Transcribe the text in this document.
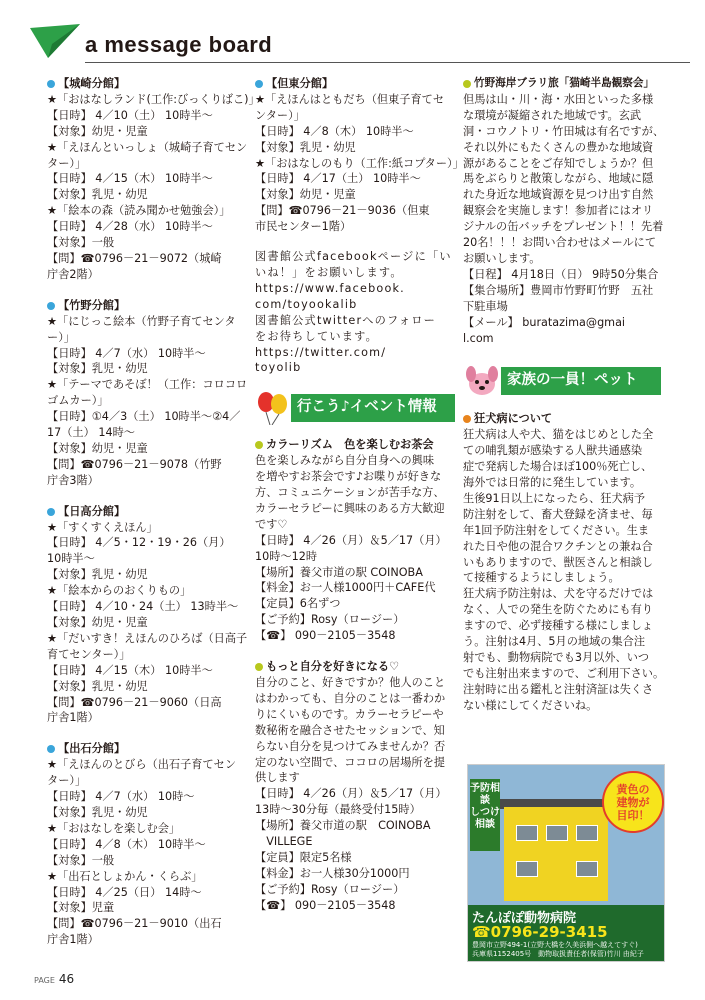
a message board
【城崎分館】
★「おはなしランド(工作:びっくりばこ)」
【日時】 4／10（土） 10時半～
【対象】幼児・児童
★「えほんといっしょ（城崎子育てセン
ター）」
【日時】 4／15（木） 10時半～
【対象】乳児・幼児
★「絵本の森（読み聞かせ勉強会）」
【日時】 4／28（水） 10時半～
【対象】一般
【問】☎0796－21－9072（城崎
庁舎2階）
【竹野分館】
★「にじっこ絵本（竹野子育てセンタ
ー）」
【日時】 4／7（水） 10時半～
【対象】乳児・幼児
★「テーマであそぼ！（工作：コロコロ
ゴムカー）」
【日時】①4／3（土） 10時半～②4／
17（土） 14時～
【対象】幼児・児童
【問】☎0796－21－9078（竹野
庁舎3階）
【日高分館】
★「すくすくえほん」
【日時】 4／5・12・19・26（月）
10時半～
【対象】乳児・幼児
★「絵本からのおくりもの」
【日時】 4／10・24（土） 13時半～
【対象】幼児・児童
★「だいすき！えほんのひろば（日高子
育てセンター）」
【日時】 4／15（木） 10時半～
【対象】乳児・幼児
【問】☎0796－21－9060（日高
庁舎1階）
【出石分館】
★「えほんのとびら（出石子育てセン
ター）」
【日時】 4／7（水） 10時～
【対象】乳児・幼児
★「おはなしを楽しむ会」
【日時】 4／8（木） 10時半～
【対象】一般
★「出石としょかん・くらぶ」
【日時】 4／25（日） 14時～
【対象】児童
【問】☎0796－21－9010（出石
庁舎1階）
【但東分館】
★「えほんはともだち（但東子育てセ
ンター）」
【日時】 4／8（木） 10時半～
【対象】乳児・幼児
★「おはなしのもり（工作:紙コプター）」
【日時】 4／17（土） 10時半～
【対象】幼児・児童
【問】☎0796－21－9036（但東
市民センター1階）
図書館公式facebookページに「い
いね！」をお願いします。
https://www.facebook.
com/toyookalib
図書館公式twitterへのフォロー
をお待ちしています。
https://twitter.com/
toyolib
行こう♪イベント情報
カラーリズム　色を楽しむお茶会
色を楽しみながら自分自身への興味
を増やすお茶会です♪お喋りが好きな
方、コミュニケーションが苦手な方、
カラーセラピーに興味のある方大歓迎
です♡
【日時】 4／26（月）＆5／17（月）
10時～12時
【場所】養父市道の駅 COINOBA
【料金】お一人様1000円＋CAFE代
【定員】6名ずつ
【ご予約】Rosy（ロージー）
【☎】 090－2105－3548
もっと自分を好きになる♡
自分のこと、好きですか？他人のこと
はわかっても、自分のことは一番わか
りにくいものです。カラーセラピーや
数秘術を融合させたセッションで、知
らない自分を見つけてみませんか？否
定のない空間で、ココロの居場所を提
供します
【日時】 4／26（月）＆5／17（月）
13時～30分毎（最終受付15時）
【場所】養父市道の駅　COINOBA
　VILLEGE
【定員】限定5名様
【料金】お一人様30分1000円
【ご予約】Rosy（ロージー）
【☎】 090－2105－3548
竹野海岸ブラリ旅「猫崎半島観察会」
但馬は山・川・海・水田といった多様
な環境が凝縮された地域です。玄武
洞・コウノトリ・竹田城は有名ですが、
それ以外にもたくさんの豊かな地域資
源があることをご存知でしょうか？但
馬をぶらりと散策しながら、地域に隠
れた身近な地域資源を見つけ出す自然
観察会を実施します！参加者にはオリ
ジナルの缶バッチをプレゼント！！先着
20名！！！お問い合わせはメールにて
お願いします。
【日程】 4月18日（日） 9時50分集合
【集合場所】豊岡市竹野町竹野　五社
下駐車場
【メール】 buratazima@gmai
l.com
家族の一員！ペット
狂犬病について
狂犬病は人や犬、猫をはじめとした全
ての哺乳類が感染する人獣共通感染
症で発病した場合ほぼ100％死亡し、
海外では日常的に発生しています。
生後91日以上になったら、狂犬病予
防注射をして、畜犬登録を済ませ、毎
年1回予防注射をしてください。生ま
れた日や他の混合ワクチンとの兼ね合
いもありますので、獣医さんと相談し
て接種するようにしましょう。
狂犬病予防注射は、犬を守るだけでは
なく、人での発生を防ぐためにも有り
ますので、必ず接種する様にしましょ
う。注射は4月、5月の地域の集合注
射でも、動物病院でも3月以外、いつ
でも注射出来ますので、ご利用下さい。
注射時に出る鑑札と注射済証は失くさ
ない様にしてくださいね。
予防相談
しつけ相談
黄色の
建物が
目印！
たんぽぽ動物病院
☎0796-29-3415
豊岡市立野494-1(立野大橋を久美浜側へ越えてすぐ)
兵庫県1152405号　動物取扱責任者(保管)竹川 由紀子
PAGE 46
